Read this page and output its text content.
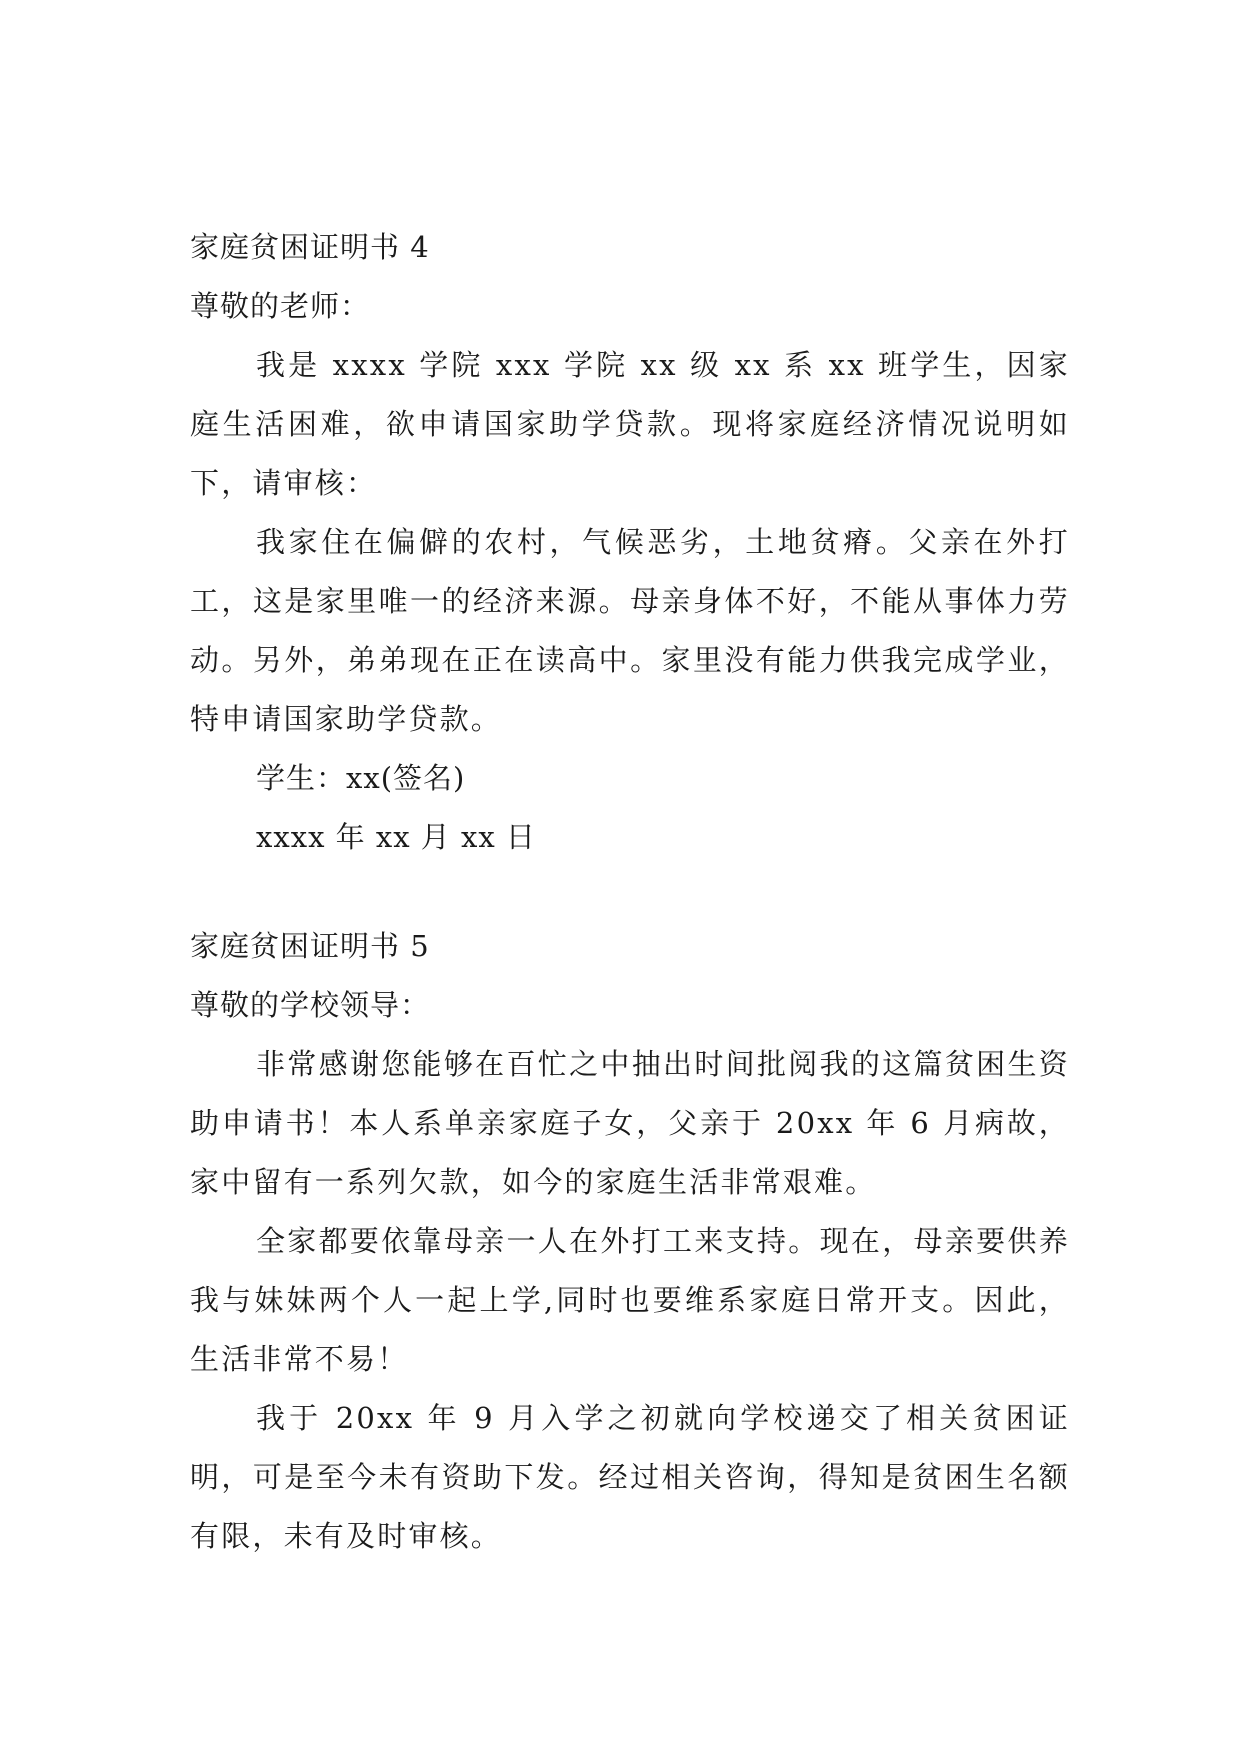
家庭贫困证明书 4
尊敬的老师：

我是 xxxx 学院 xxx 学院 xx 级 xx 系 xx 班学生，因家庭生活困难，欲申请国家助学贷款。现将家庭经济情况说明如下，请审核：

我家住在偏僻的农村，气候恶劣，土地贫瘠。父亲在外打工，这是家里唯一的经济来源。母亲身体不好，不能从事体力劳动。另外，弟弟现在正在读高中。家里没有能力供我完成学业，特申请国家助学贷款。

学生：xx(签名)
xxxx 年 xx 月 xx 日
家庭贫困证明书 5
尊敬的学校领导：

非常感谢您能够在百忙之中抽出时间批阅我的这篇贫困生资助申请书！本人系单亲家庭子女，父亲于 20xx 年 6 月病故，家中留有一系列欠款，如今的家庭生活非常艰难。

全家都要依靠母亲一人在外打工来支持。现在，母亲要供养我与妹妹两个人一起上学,同时也要维系家庭日常开支。因此，生活非常不易！

我于 20xx 年 9 月入学之初就向学校递交了相关贫困证明，可是至今未有资助下发。经过相关咨询，得知是贫困生名额有限，未有及时审核。
